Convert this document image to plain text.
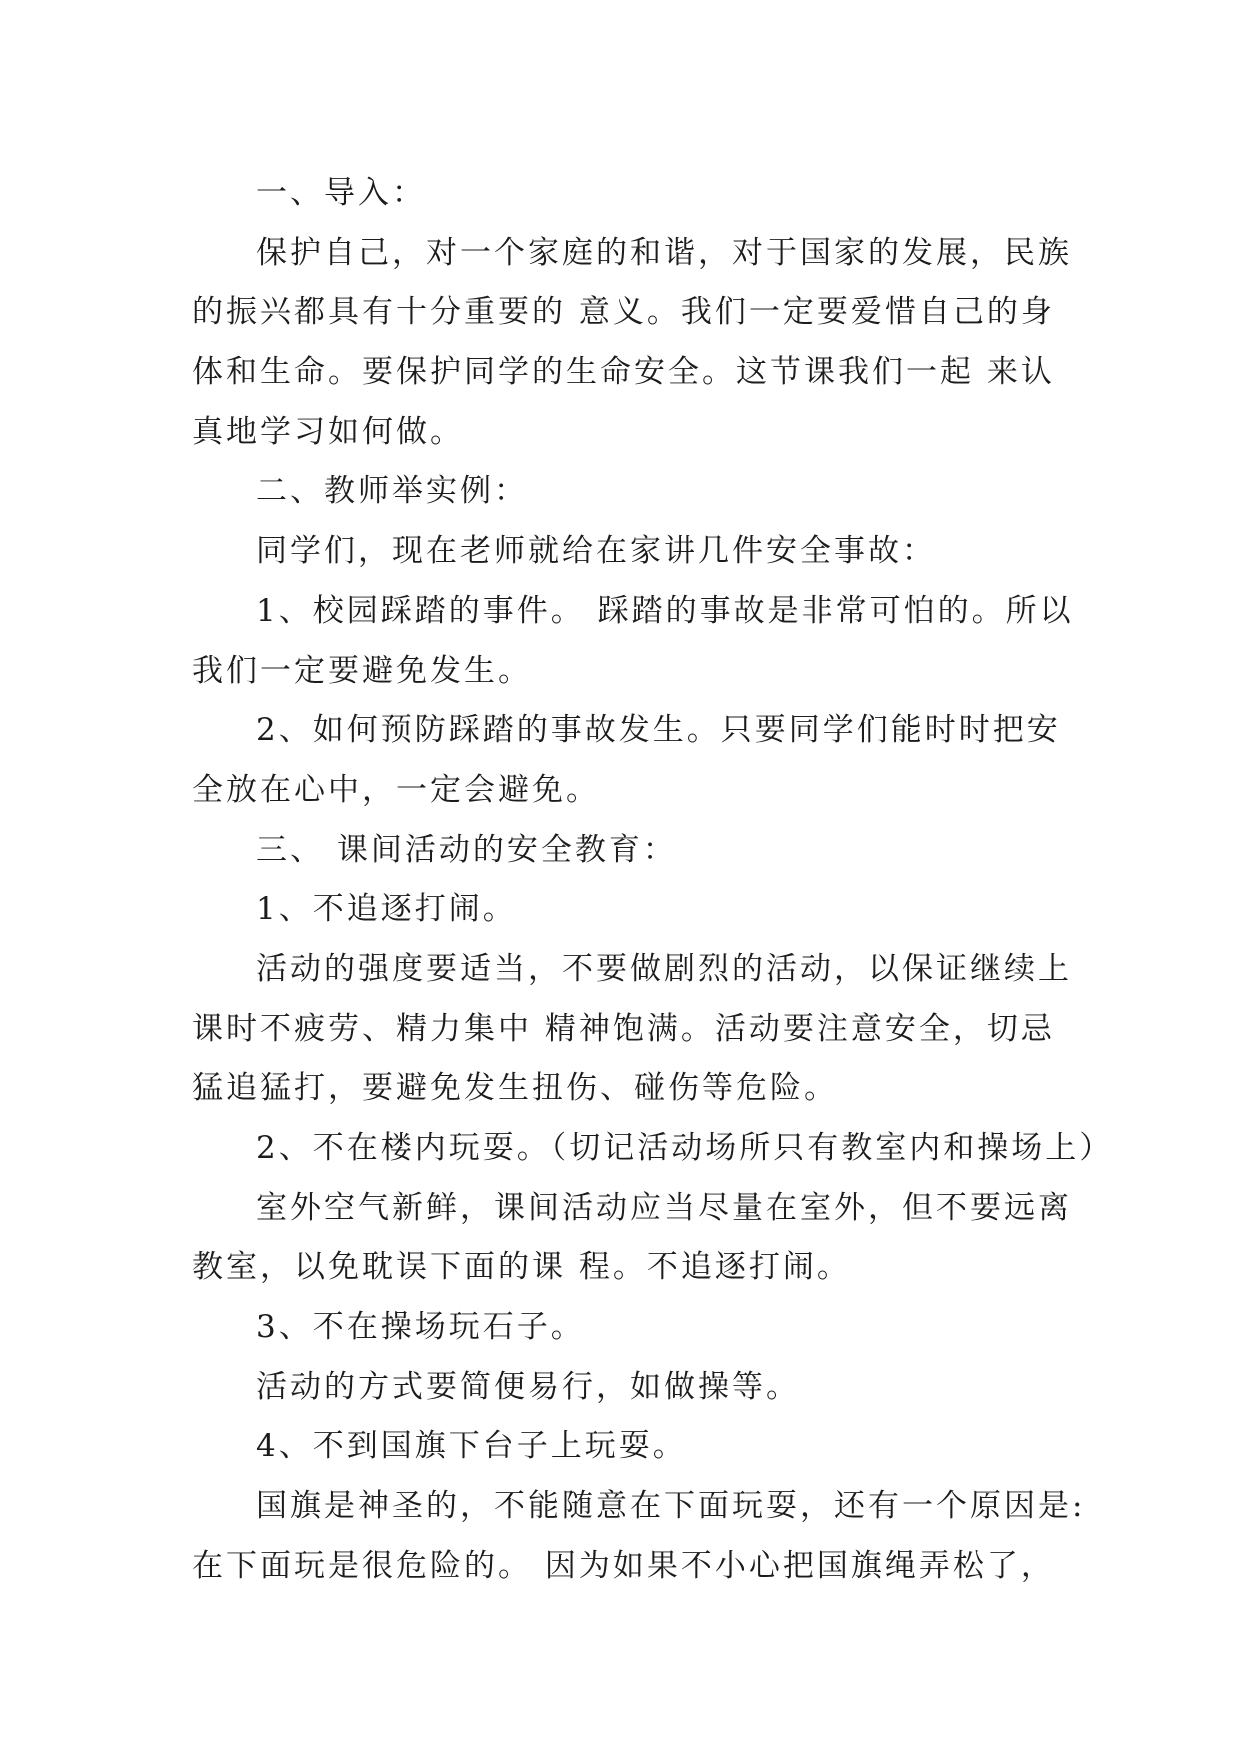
一、导入：
保护自己，对一个家庭的和谐，对于国家的发展，民族
的振兴都具有十分重要的 意义。我们一定要爱惜自己的身
体和生命。要保护同学的生命安全。这节课我们一起 来认
真地学习如何做。
二、教师举实例：
同学们，现在老师就给在家讲几件安全事故：
1、校园踩踏的事件。 踩踏的事故是非常可怕的。所以
我们一定要避免发生。
2、如何预防踩踏的事故发生。只要同学们能时时把安
全放在心中，一定会避免。
三、 课间活动的安全教育：
1、不追逐打闹。
活动的强度要适当，不要做剧烈的活动，以保证继续上
课时不疲劳、精力集中 精神饱满。活动要注意安全，切忌
猛追猛打，要避免发生扭伤、碰伤等危险。
2、不在楼内玩耍。（切记活动场所只有教室内和操场上）
室外空气新鲜，课间活动应当尽量在室外，但不要远离
教室，以免耽误下面的课 程。不追逐打闹。
3、不在操场玩石子。
活动的方式要简便易行，如做操等。
4、不到国旗下台子上玩耍。
国旗是神圣的，不能随意在下面玩耍，还有一个原因是:
在下面玩是很危险的。 因为如果不小心把国旗绳弄松了，
